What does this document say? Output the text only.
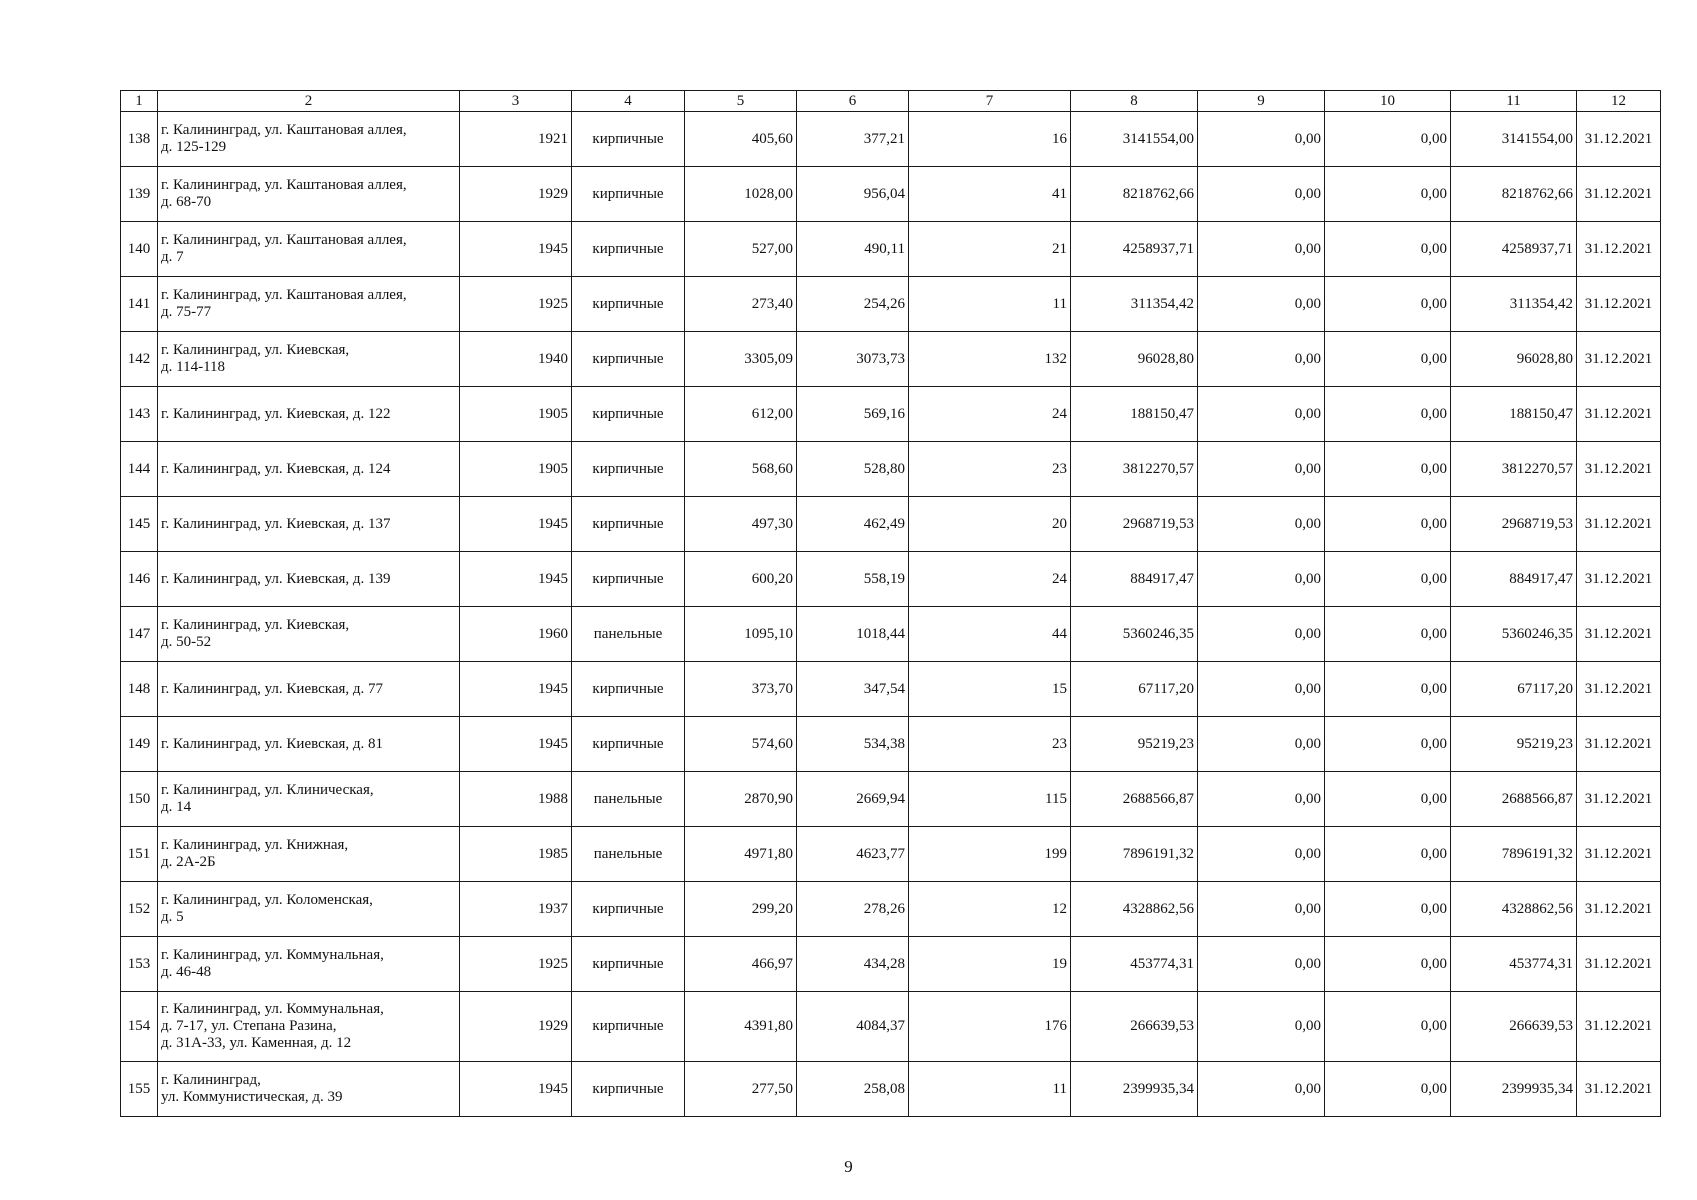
1	2	3	4	5	6	7	8	9	10	11	12
138	г. Калининград, ул. Каштановая аллея,
д. 125-129	1921	кирпичные	405,60	377,21	16	3141554,00	0,00	0,00	3141554,00	31.12.2021
139	г. Калининград, ул. Каштановая аллея,
д. 68-70	1929	кирпичные	1028,00	956,04	41	8218762,66	0,00	0,00	8218762,66	31.12.2021
140	г. Калининград, ул. Каштановая аллея,
д. 7	1945	кирпичные	527,00	490,11	21	4258937,71	0,00	0,00	4258937,71	31.12.2021
141	г. Калининград, ул. Каштановая аллея,
д. 75-77	1925	кирпичные	273,40	254,26	11	311354,42	0,00	0,00	311354,42	31.12.2021
142	г. Калининград, ул. Киевская,
д. 114-118	1940	кирпичные	3305,09	3073,73	132	96028,80	0,00	0,00	96028,80	31.12.2021
143	г. Калининград, ул. Киевская, д. 122	1905	кирпичные	612,00	569,16	24	188150,47	0,00	0,00	188150,47	31.12.2021
144	г. Калининград, ул. Киевская, д. 124	1905	кирпичные	568,60	528,80	23	3812270,57	0,00	0,00	3812270,57	31.12.2021
145	г. Калининград, ул. Киевская, д. 137	1945	кирпичные	497,30	462,49	20	2968719,53	0,00	0,00	2968719,53	31.12.2021
146	г. Калининград, ул. Киевская, д. 139	1945	кирпичные	600,20	558,19	24	884917,47	0,00	0,00	884917,47	31.12.2021
147	г. Калининград, ул. Киевская,
д. 50-52	1960	панельные	1095,10	1018,44	44	5360246,35	0,00	0,00	5360246,35	31.12.2021
148	г. Калининград, ул. Киевская, д. 77	1945	кирпичные	373,70	347,54	15	67117,20	0,00	0,00	67117,20	31.12.2021
149	г. Калининград, ул. Киевская, д. 81	1945	кирпичные	574,60	534,38	23	95219,23	0,00	0,00	95219,23	31.12.2021
150	г. Калининград, ул. Клиническая,
д. 14	1988	панельные	2870,90	2669,94	115	2688566,87	0,00	0,00	2688566,87	31.12.2021
151	г. Калининград, ул. Книжная,
д. 2А-2Б	1985	панельные	4971,80	4623,77	199	7896191,32	0,00	0,00	7896191,32	31.12.2021
152	г. Калининград, ул. Коломенская,
д. 5	1937	кирпичные	299,20	278,26	12	4328862,56	0,00	0,00	4328862,56	31.12.2021
153	г. Калининград, ул. Коммунальная,
д. 46-48	1925	кирпичные	466,97	434,28	19	453774,31	0,00	0,00	453774,31	31.12.2021
154	г. Калининград, ул. Коммунальная,
д. 7-17, ул. Степана Разина,
д. 31А-33, ул. Каменная, д. 12	1929	кирпичные	4391,80	4084,37	176	266639,53	0,00	0,00	266639,53	31.12.2021
155	г. Калининград,
ул. Коммунистическая, д. 39	1945	кирпичные	277,50	258,08	11	2399935,34	0,00	0,00	2399935,34	31.12.2021
9
